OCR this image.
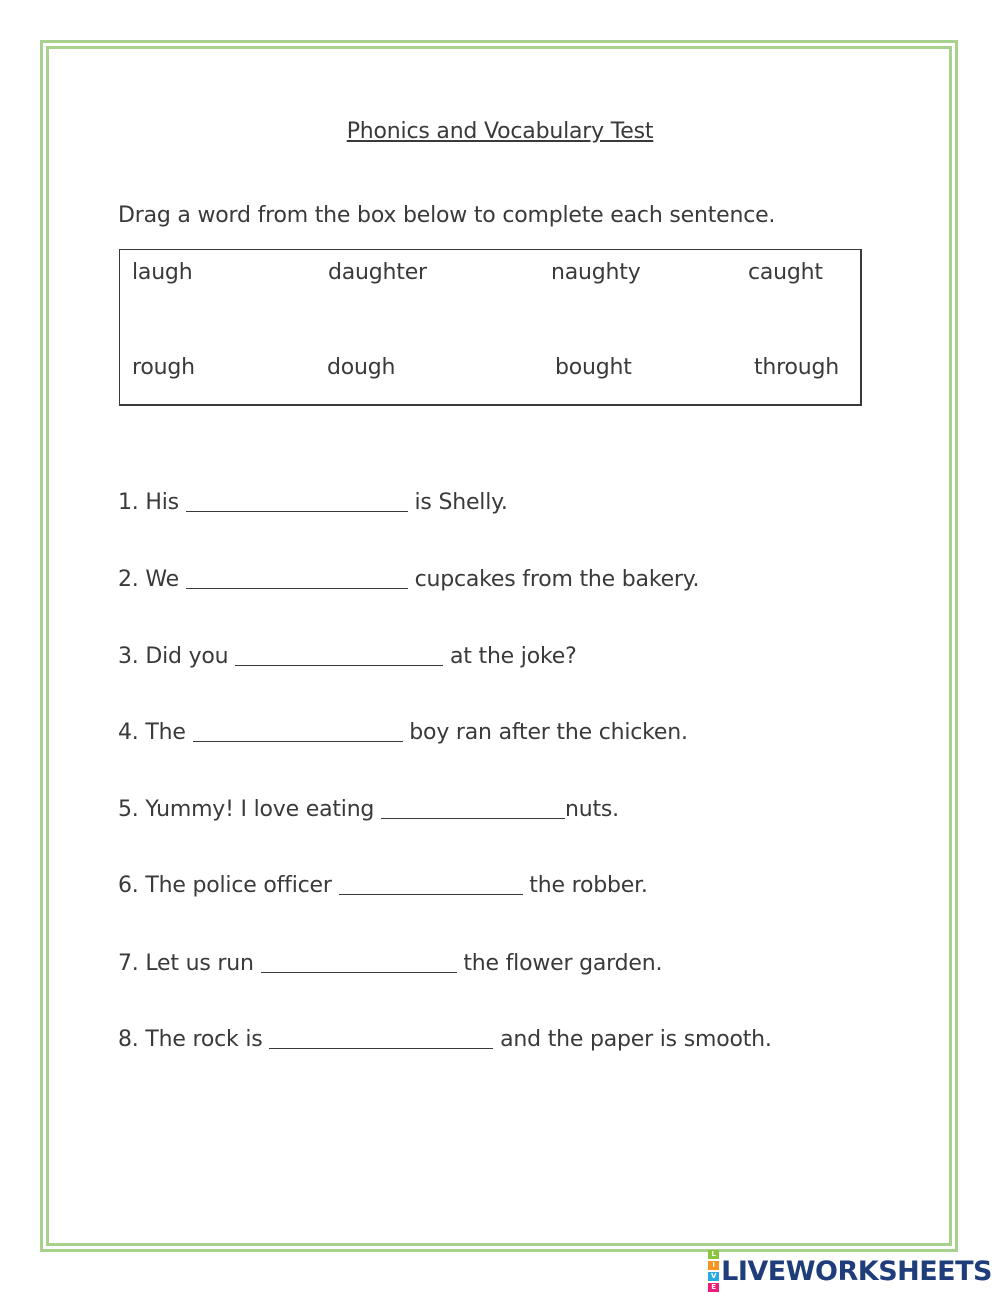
Phonics and Vocabulary Test
Drag a word from the box below to complete each sentence.
laugh	daughter	naughty	caught
rough	dough	bought	through
1. His	is Shelly.
2. We	cupcakes from the bakery.
3. Did you	at the joke?
4. The	boy ran after the chicken.
5. Yummy! I love eating	nuts.
6. The police officer	the robber.
7. Let us run	the flower garden.
8. The rock is	and the paper is smooth.
L
I
V
E
LIVEWORKSHEETS
